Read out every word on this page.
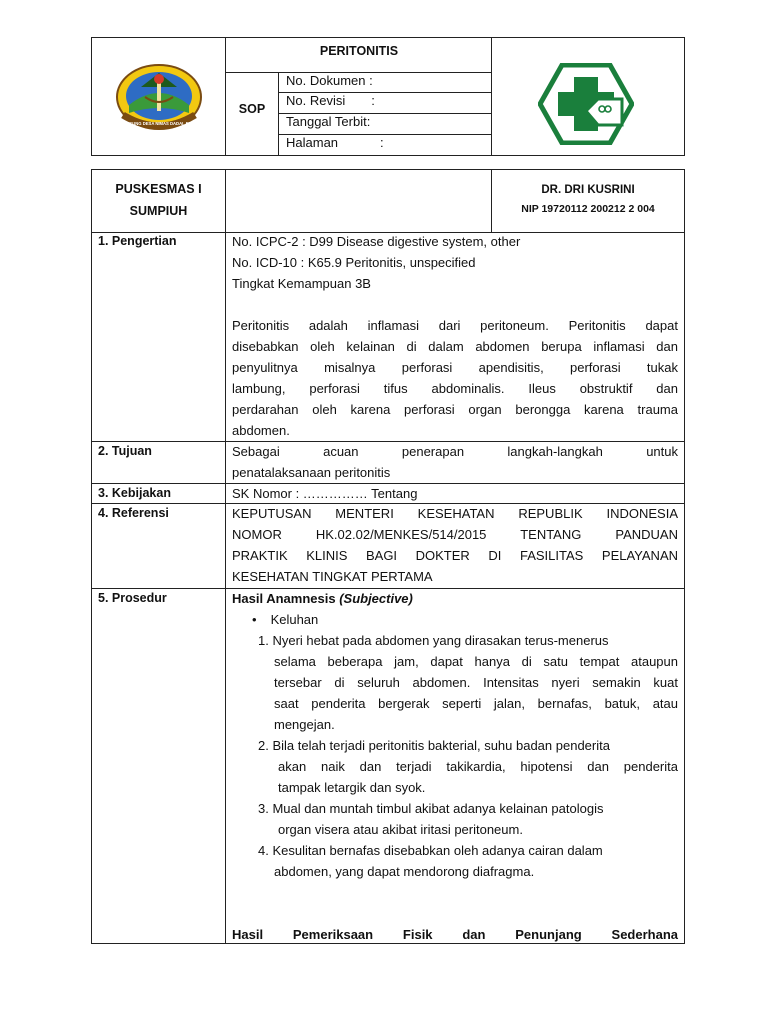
BANGUNG DESA NIMAS DADAL REMA
PERITONITIS
SOP
No. Dokumen :
No. Revisi :
Tanggal Terbit:
Halaman	:
PUSKESMAS I
SUMPIUH
DR. DRI KUSRINI
NIP 19720112 200212 2 004
1. Pengertian	No. ICPC-2 : D99 Disease digestive system, other
No. ICD-10 : K65.9 Peritonitis, unspecified
Tingkat Kemampuan 3B
Peritonitis adalah inflamasi dari peritoneum. Peritonitis dapat
disebabkan oleh kelainan di dalam abdomen berupa inflamasi dan
penyulitnya misalnya perforasi apendisitis, perforasi tukak
lambung, perforasi tifus abdominalis. Ileus obstruktif dan
perdarahan oleh karena perforasi organ berongga karena trauma
abdomen.
2. Tujuan	Sebagai acuan penerapan langkah-langkah untuk
penatalaksanaan peritonitis
3. Kebijakan	SK Nomor : …………… Tentang
4. Referensi	KEPUTUSAN MENTERI KESEHATAN REPUBLIK INDONESIA
NOMOR HK.02.02/MENKES/514/2015 TENTANG PANDUAN
PRAKTIK KLINIS BAGI DOKTER DI FASILITAS PELAYANAN
KESEHATAN TINGKAT PERTAMA
5. Prosedur	Hasil Anamnesis (Subjective)
• Keluhan
1. Nyeri hebat pada abdomen yang dirasakan terus-menerus
selama beberapa jam, dapat hanya di satu tempat ataupun
tersebar di seluruh abdomen. Intensitas nyeri semakin kuat
saat penderita bergerak seperti jalan, bernafas, batuk, atau
mengejan.
2. Bila telah terjadi peritonitis bakterial, suhu badan penderita
akan naik dan terjadi takikardia, hipotensi dan penderita
tampak letargik dan syok.
3. Mual dan muntah timbul akibat adanya kelainan patologis
organ visera atau akibat iritasi peritoneum.
4. Kesulitan bernafas disebabkan oleh adanya cairan dalam
abdomen, yang dapat mendorong diafragma.
Hasil Pemeriksaan Fisik dan Penunjang Sederhana
